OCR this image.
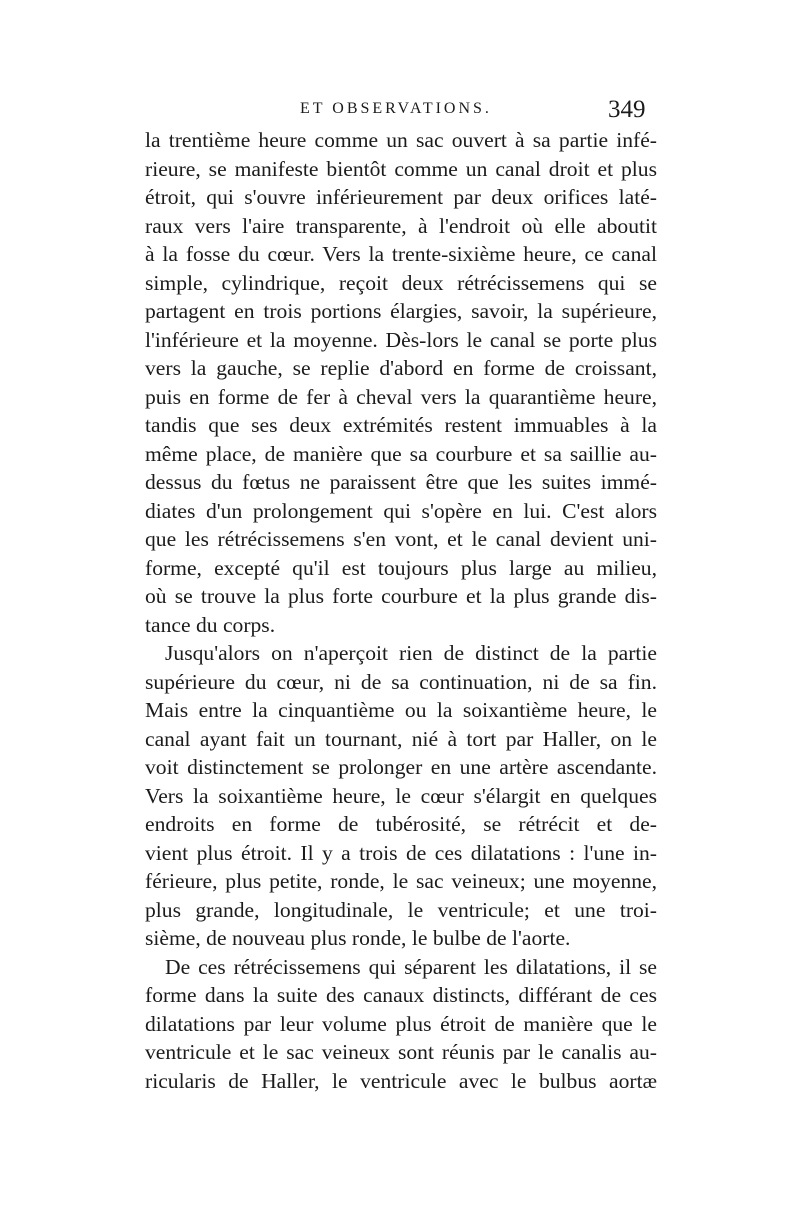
ET OBSERVATIONS.	349
la trentième heure comme un sac ouvert à sa partie infé-
rieure, se manifeste bientôt comme un canal droit et plus
étroit, qui s'ouvre inférieurement par deux orifices laté-
raux vers l'aire transparente, à l'endroit où elle aboutit
à la fosse du cœur. Vers la trente-sixième heure, ce canal
simple, cylindrique, reçoit deux rétrécissemens qui se
partagent en trois portions élargies, savoir, la supérieure,
l'inférieure et la moyenne. Dès-lors le canal se porte plus
vers la gauche, se replie d'abord en forme de croissant,
puis en forme de fer à cheval vers la quarantième heure,
tandis que ses deux extrémités restent immuables à la
même place, de manière que sa courbure et sa saillie au-
dessus du fœtus ne paraissent être que les suites immé-
diates d'un prolongement qui s'opère en lui. C'est alors
que les rétrécissemens s'en vont, et le canal devient uni-
forme, excepté qu'il est toujours plus large au milieu,
où se trouve la plus forte courbure et la plus grande dis-
tance du corps.
Jusqu'alors on n'aperçoit rien de distinct de la partie
supérieure du cœur, ni de sa continuation, ni de sa fin.
Mais entre la cinquantième ou la soixantième heure, le
canal ayant fait un tournant, nié à tort par Haller, on le
voit distinctement se prolonger en une artère ascendante.
Vers la soixantième heure, le cœur s'élargit en quelques
endroits en forme de tubérosité, se rétrécit et de-
vient plus étroit. Il y a trois de ces dilatations : l'une in-
férieure, plus petite, ronde, le sac veineux; une moyenne,
plus grande, longitudinale, le ventricule; et une troi-
sième, de nouveau plus ronde, le bulbe de l'aorte.
De ces rétrécissemens qui séparent les dilatations, il se
forme dans la suite des canaux distincts, différant de ces
dilatations par leur volume plus étroit de manière que le
ventricule et le sac veineux sont réunis par le canalis au-
ricularis de Haller, le ventricule avec le bulbus aortæ
